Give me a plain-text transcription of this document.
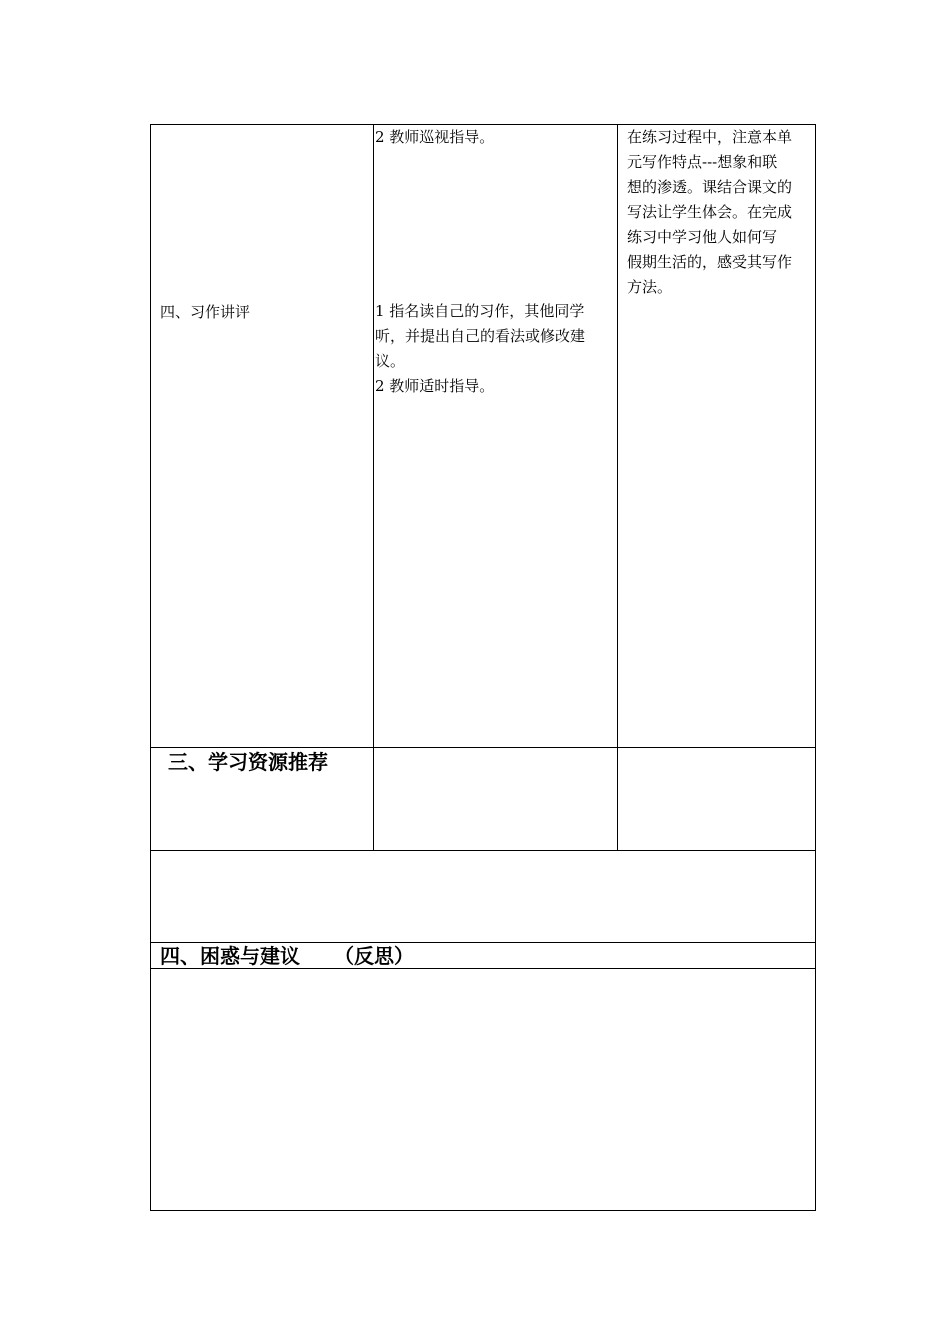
四、习作讲评
2 教师巡视指导。
1 指名读自己的习作，其他同学
听，并提出自己的看法或修改建
议。
2 教师适时指导。
在练习过程中，注意本单
元写作特点---想象和联
想的渗透。课结合课文的
写法让学生体会。在完成
练习中学习他人如何写
假期生活的，感受其写作
方法。
三、学习资源推荐
四、困惑与建议 （反思）
